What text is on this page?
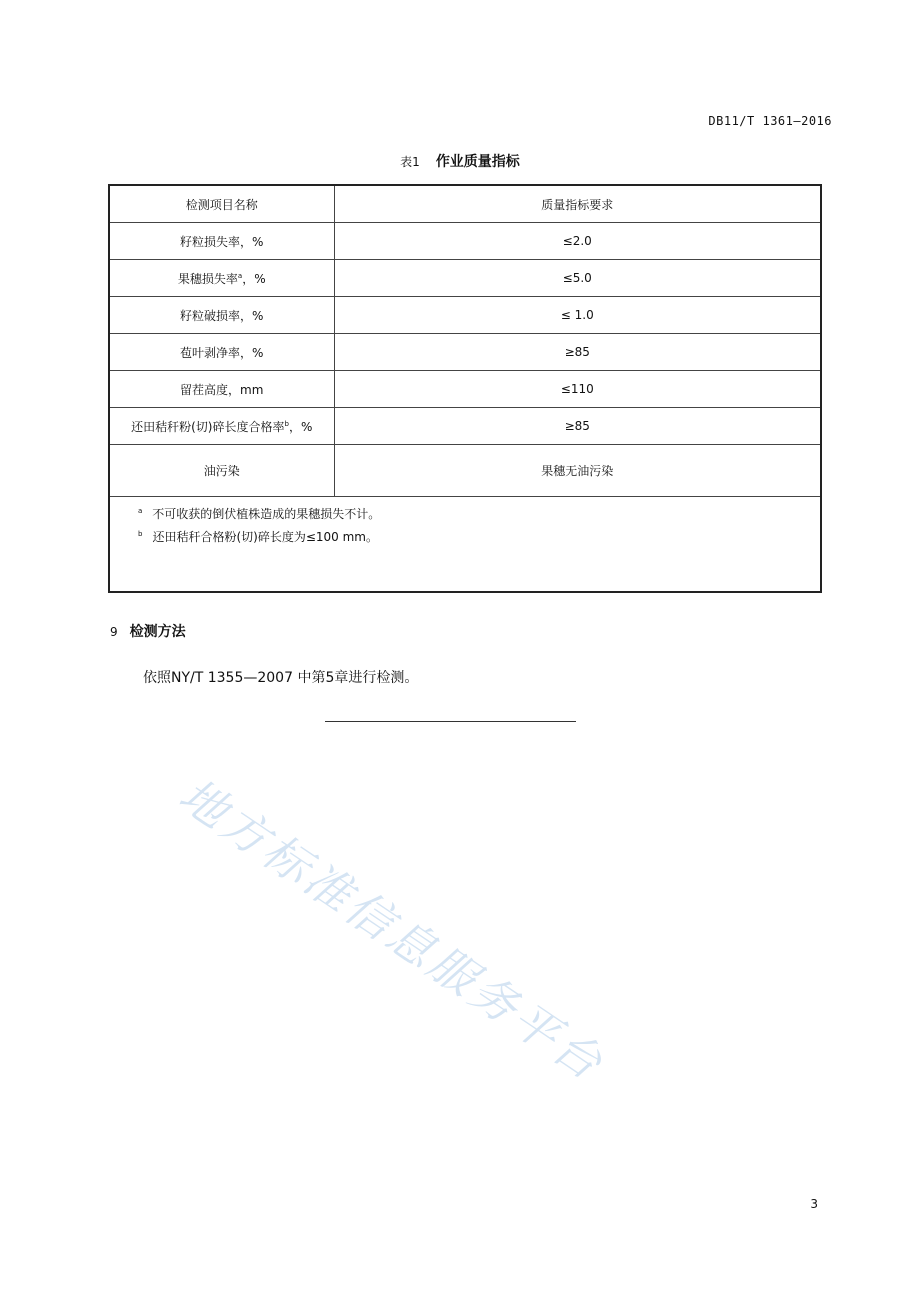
DB11/T 1361—2016
表1 作业质量指标
检测项目名称	质量指标要求
籽粒损失率，%	≤2.0
果穗损失率$^a$，%	≤5.0
籽粒破损率，%	≤ 1.0
苞叶剥净率，%	≥85
留茬高度，mm	≤110
还田秸秆粉(切)碎长度合格率$^b$，%	≥85
油污染	果穗无油污染

$^a$ 不可收获的倒伏植株造成的果穗损失不计。
$^b$ 还田秸秆合格粉(切)碎长度为≤100 mm。	
9 检测方法
依照NY/T 1355—2007 中第5章进行检测。
地方标准信息服务平台
3
